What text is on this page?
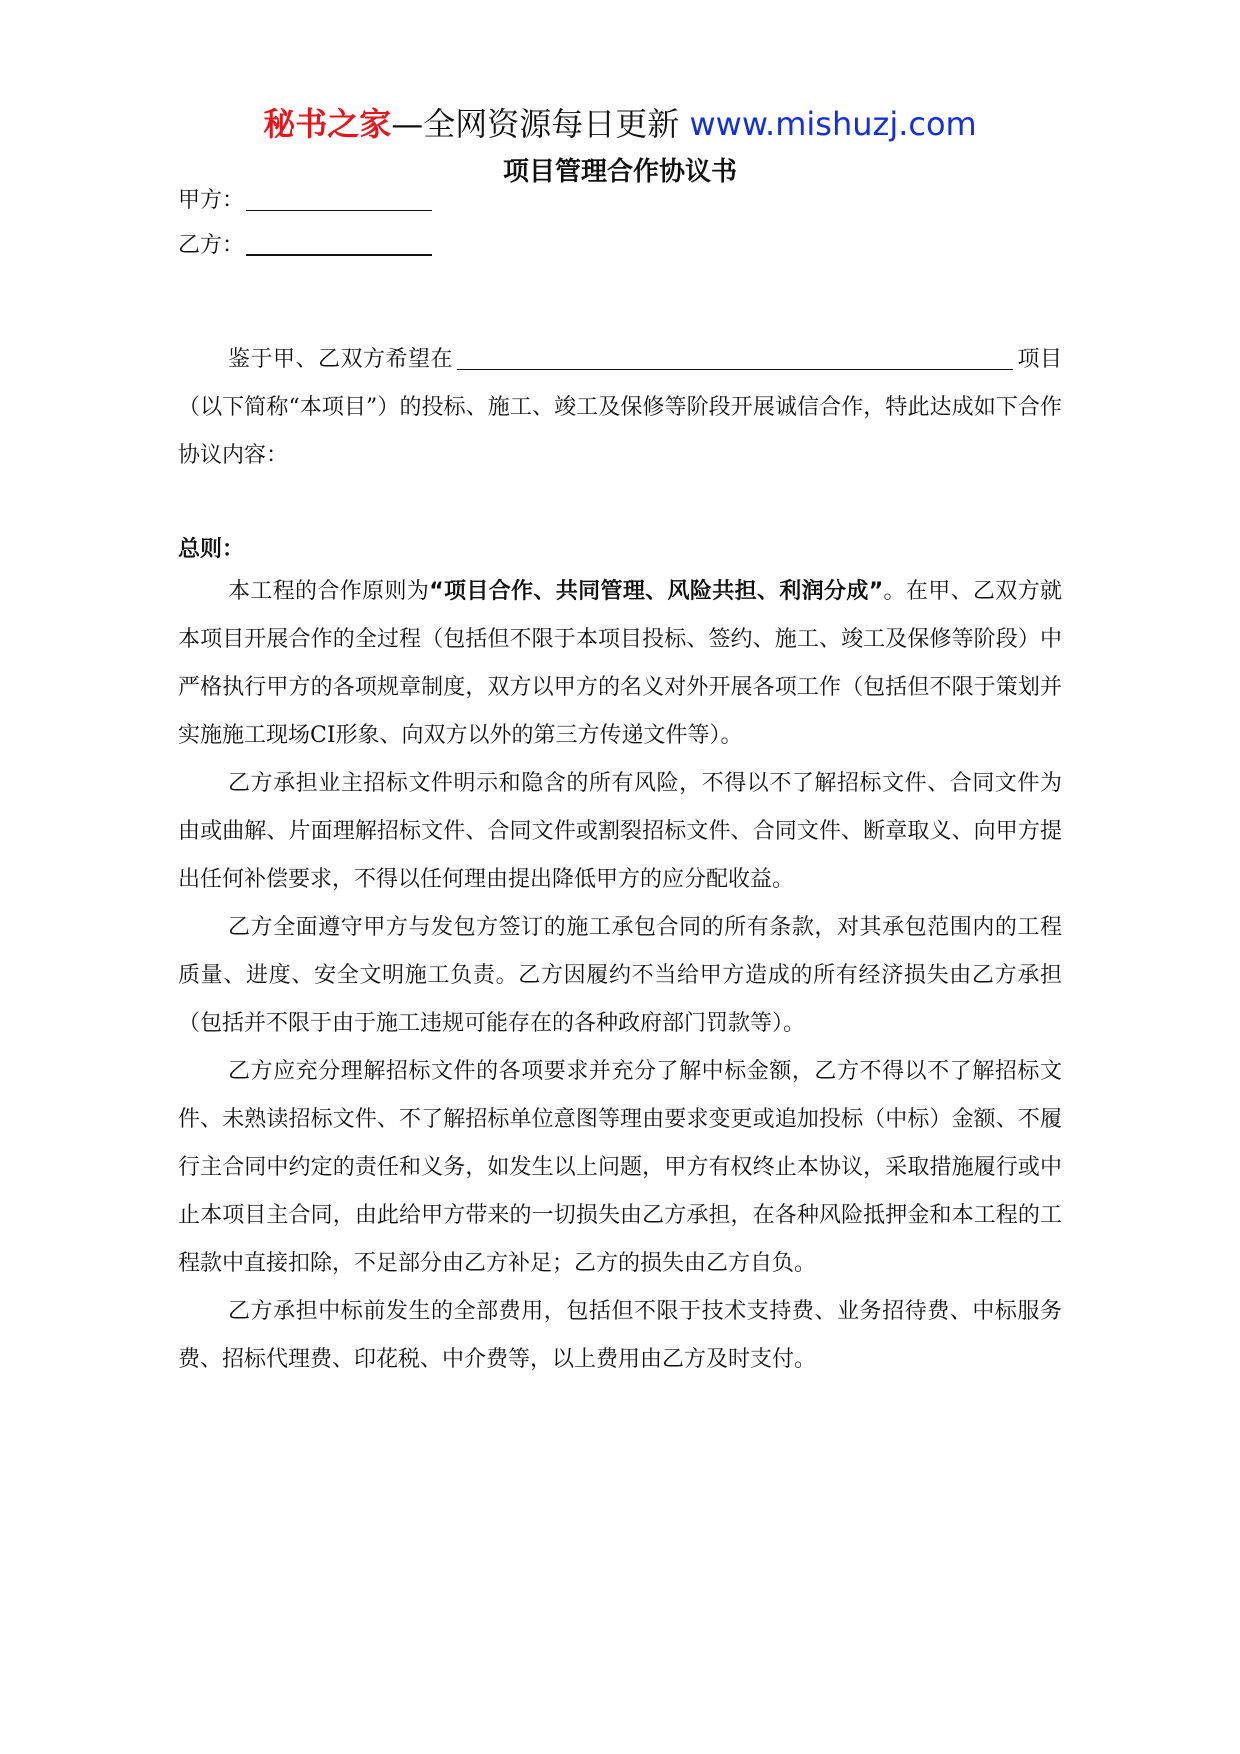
秘书之家—全网资源每日更新 www.mishuzj.com
项目管理合作协议书
甲方：
乙方：

鉴于甲、乙双方希望在	项目（以下简称“本项目”）的投标、施工、竣工及保修等阶段开展诚信合作，特此达成如下合作协议内容：

总则：

本工程的合作原则为“项目合作、共同管理、风险共担、利润分成”。在甲、乙双方就本项目开展合作的全过程（包括但不限于本项目投标、签约、施工、竣工及保修等阶段）中严格执行甲方的各项规章制度，双方以甲方的名义对外开展各项工作（包括但不限于策划并实施施工现场CI形象、向双方以外的第三方传递文件等）。

乙方承担业主招标文件明示和隐含的所有风险，不得以不了解招标文件、合同文件为由或曲解、片面理解招标文件、合同文件或割裂招标文件、合同文件、断章取义、向甲方提出任何补偿要求，不得以任何理由提出降低甲方的应分配收益。

乙方全面遵守甲方与发包方签订的施工承包合同的所有条款，对其承包范围内的工程质量、进度、安全文明施工负责。乙方因履约不当给甲方造成的所有经济损失由乙方承担（包括并不限于由于施工违规可能存在的各种政府部门罚款等）。

乙方应充分理解招标文件的各项要求并充分了解中标金额，乙方不得以不了解招标文件、未熟读招标文件、不了解招标单位意图等理由要求变更或追加投标（中标）金额、不履行主合同中约定的责任和义务，如发生以上问题，甲方有权终止本协议，采取措施履行或中止本项目主合同，由此给甲方带来的一切损失由乙方承担，在各种风险抵押金和本工程的工程款中直接扣除，不足部分由乙方补足；乙方的损失由乙方自负。

乙方承担中标前发生的全部费用，包括但不限于技术支持费、业务招待费、中标服务费、招标代理费、印花税、中介费等，以上费用由乙方及时支付。
